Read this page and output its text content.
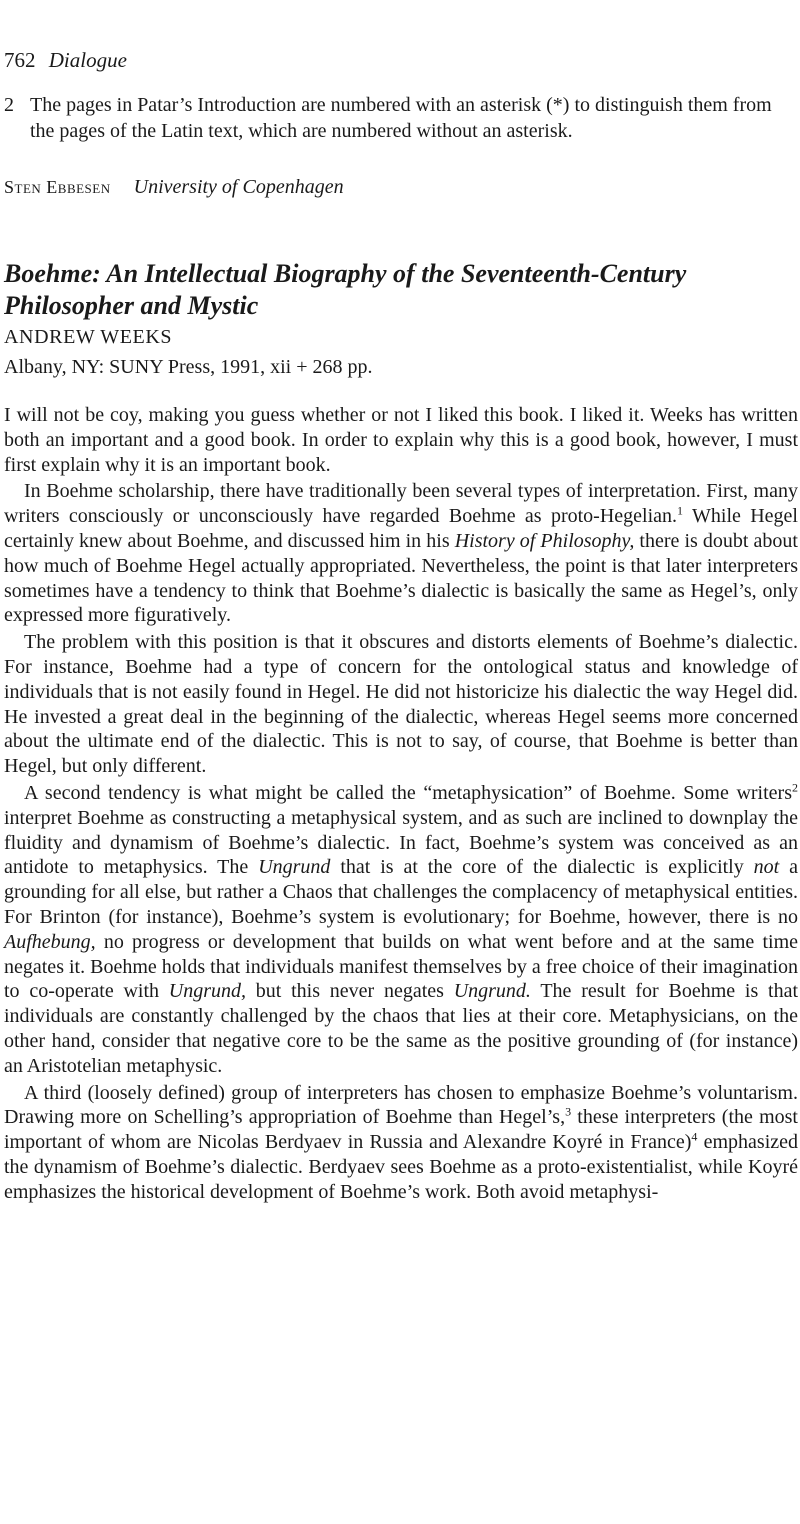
762 Dialogue
2 The pages in Patar’s Introduction are numbered with an asterisk (*) to distinguish them from the pages of the Latin text, which are numbered without an asterisk.
Sten Ebbesen University of Copenhagen
Boehme: An Intellectual Biography of the Seventeenth-Century Philosopher and Mystic
ANDREW WEEKS
Albany, NY: SUNY Press, 1991, xii + 268 pp.

I will not be coy, making you guess whether or not I liked this book. I liked it. Weeks has written both an important and a good book. In order to explain why this is a good book, however, I must first explain why it is an important book.

In Boehme scholarship, there have traditionally been several types of interpretation. First, many writers consciously or unconsciously have regarded Boehme as proto-Hegelian.$^1$ While Hegel certainly knew about Boehme, and discussed him in his History of Philosophy, there is doubt about how much of Boehme Hegel actually appropriated. Nevertheless, the point is that later interpreters sometimes have a tendency to think that Boehme’s dialectic is basically the same as Hegel’s, only expressed more figuratively.

The problem with this position is that it obscures and distorts elements of Boehme’s dialectic. For instance, Boehme had a type of concern for the ontological status and knowledge of individuals that is not easily found in Hegel. He did not historicize his dialectic the way Hegel did. He invested a great deal in the beginning of the dialectic, whereas Hegel seems more concerned about the ultimate end of the dialectic. This is not to say, of course, that Boehme is better than Hegel, but only different.

A second tendency is what might be called the “metaphysication” of Boehme. Some writers$^2$ interpret Boehme as constructing a metaphysical system, and as such are inclined to downplay the fluidity and dynamism of Boehme’s dialectic. In fact, Boehme’s system was conceived as an antidote to metaphysics. The Ungrund that is at the core of the dialectic is explicitly not a grounding for all else, but rather a Chaos that challenges the complacency of metaphysical entities. For Brinton (for instance), Boehme’s system is evolutionary; for Boehme, however, there is no Aufhebung, no progress or development that builds on what went before and at the same time negates it. Boehme holds that individuals manifest themselves by a free choice of their imagination to co-operate with Ungrund, but this never negates Ungrund. The result for Boehme is that individuals are constantly challenged by the chaos that lies at their core. Metaphysicians, on the other hand, consider that negative core to be the same as the positive grounding of (for instance) an Aristotelian metaphysic.

A third (loosely defined) group of interpreters has chosen to emphasize Boehme’s voluntarism. Drawing more on Schelling’s appropriation of Boehme than Hegel’s,$^3$ these interpreters (the most important of whom are Nicolas Berdyaev in Russia and Alexandre Koyré in France)$^4$ emphasized the dynamism of Boehme’s dialectic. Berdyaev sees Boehme as a proto-existentialist, while Koyré emphasizes the historical development of Boehme’s work. Both avoid metaphysi-
